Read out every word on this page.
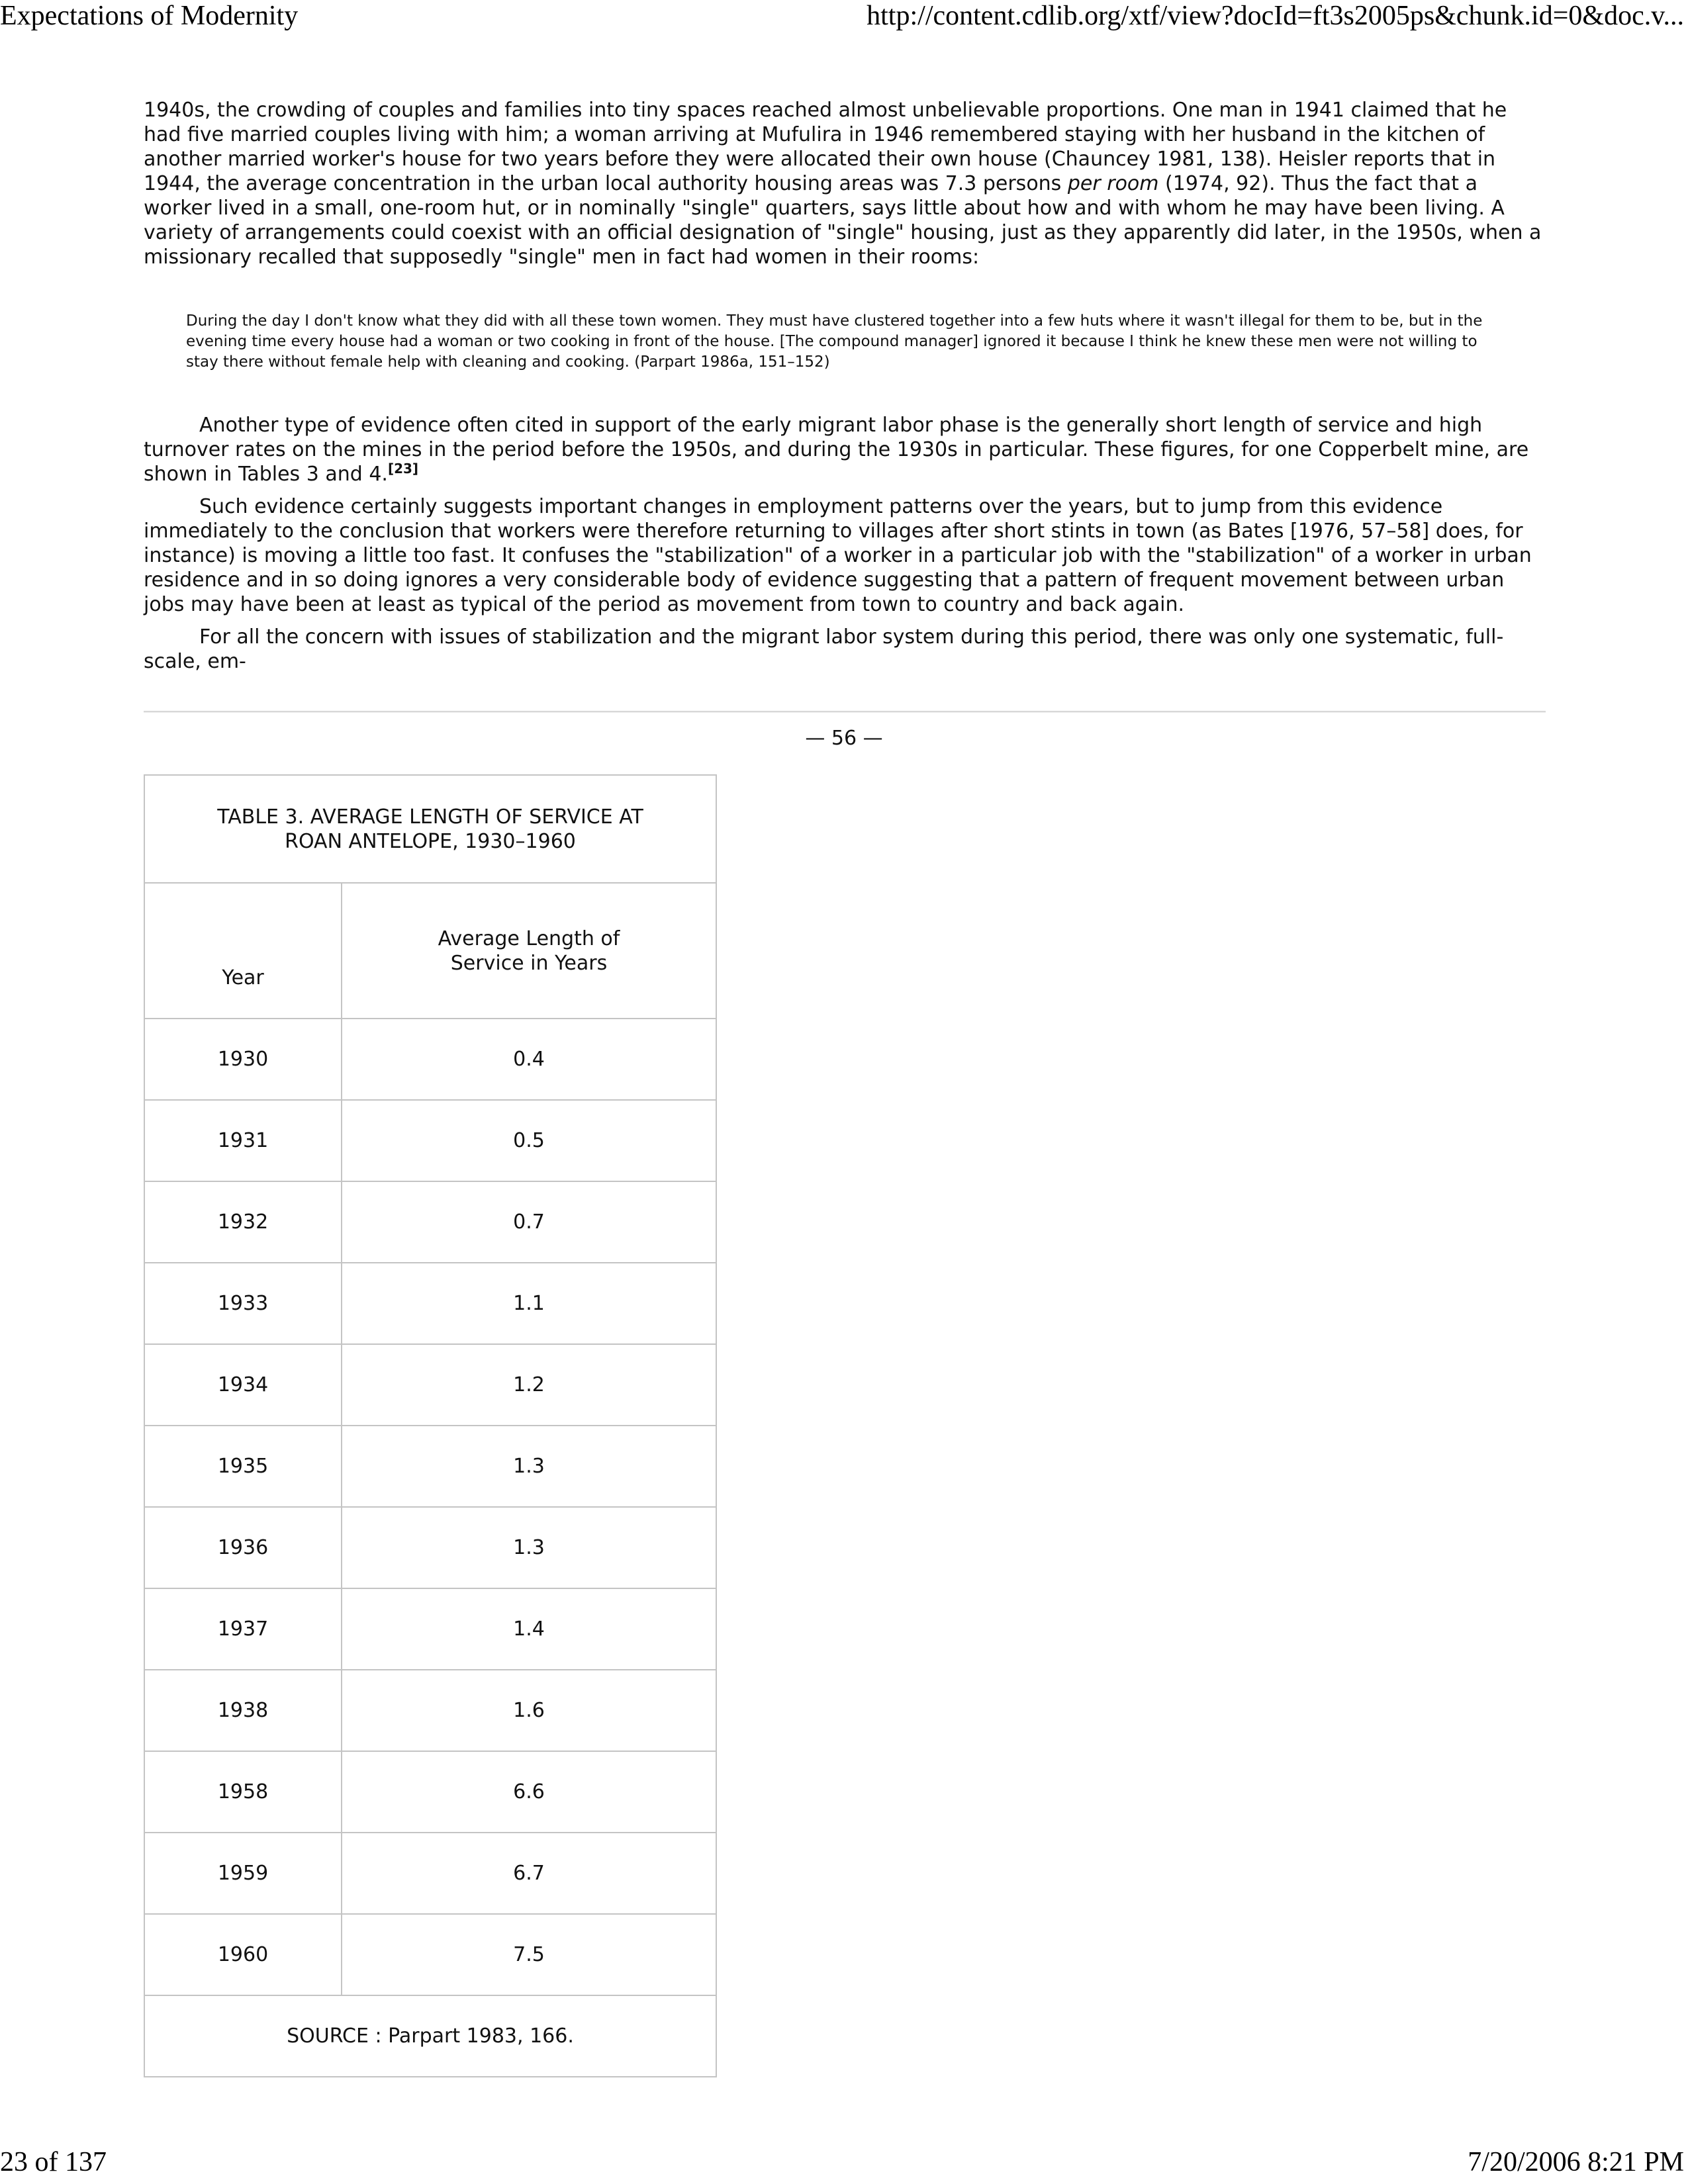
Expectations of Modernity	http://content.cdlib.org/xtf/view?docId=ft3s2005ps&chunk.id=0&doc.v...

1940s, the crowding of couples and families into tiny spaces reached almost unbelievable proportions. One man in 1941 claimed that he had five married couples living with him; a woman arriving at Mufulira in 1946 remembered staying with her husband in the kitchen of another married worker's house for two years before they were allocated their own house (Chauncey 1981, 138). Heisler reports that in 1944, the average concentration in the urban local authority housing areas was 7.3 persons per room (1974, 92). Thus the fact that a worker lived in a small, one-room hut, or in nominally "single" quarters, says little about how and with whom he may have been living. A variety of arrangements could coexist with an official designation of "single" housing, just as they apparently did later, in the 1950s, when a missionary recalled that supposedly "single" men in fact had women in their rooms:

During the day I don't know what they did with all these town women. They must have clustered together into a few huts where it wasn't illegal for them to be, but in the evening time every house had a woman or two cooking in front of the house. [The compound manager] ignored it because I think he knew these men were not willing to stay there without female help with cleaning and cooking. (Parpart 1986a, 151–152)

Another type of evidence often cited in support of the early migrant labor phase is the generally short length of service and high turnover rates on the mines in the period before the 1950s, and during the 1930s in particular. These figures, for one Copperbelt mine, are shown in Tables 3 and 4.[23]

Such evidence certainly suggests important changes in employment patterns over the years, but to jump from this evidence immediately to the conclusion that workers were therefore returning to villages after short stints in town (as Bates [1976, 57–58] does, for instance) is moving a little too fast. It confuses the "stabilization" of a worker in a particular job with the "stabilization" of a worker in urban residence and in so doing ignores a very considerable body of evidence suggesting that a pattern of frequent movement between urban jobs may have been at least as typical of the period as movement from town to country and back again.

For all the concern with issues of stabilization and the migrant labor system during this period, there was only one systematic, full-scale, em-

— 56 —
TABLE 3. AVERAGE LENGTH OF SERVICE AT ROAN ANTELOPE, 1930–1960	

Year	Average Length of Service in Years

1930	0.4
1931	0.5
1932	0.7
1933	1.1
1934	1.2
1935	1.3
1936	1.3
1937	1.4
1938	1.6
1958	6.6
1959	6.7
1960	7.5
SOURCE : Parpart 1983, 166.	
23 of 137	7/20/2006 8:21 PM
